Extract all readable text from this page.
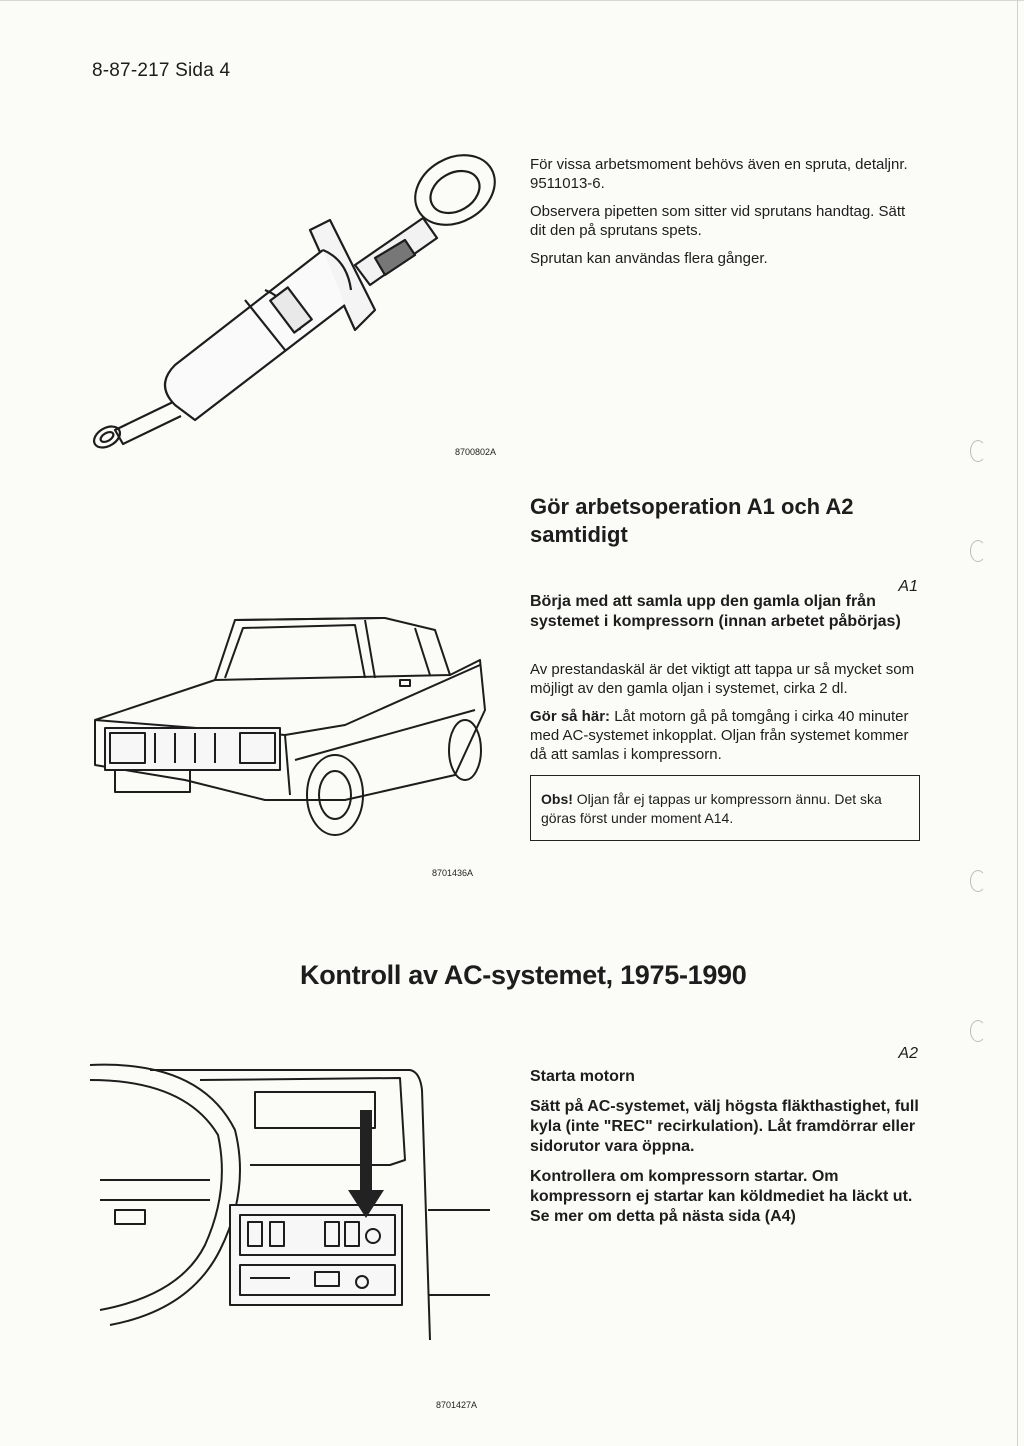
8-87-217 Sida 4

För vissa arbetsmoment behövs även en spruta, detaljnr. 9511013-6.

Observera pipetten som sitter vid sprutans handtag. Sätt dit den på sprutans spets.

Sprutan kan användas flera gånger.

8700802A
Gör arbetsoperation A1 och A2 samtidigt
A1
Börja med att samla upp den gamla oljan från systemet i kompressorn (innan arbetet påbörjas)

Av prestandaskäl är det viktigt att tappa ur så mycket som möjligt av den gamla oljan i systemet, cirka 2 dl.

Gör så här: Låt motorn gå på tomgång i cirka 40 minuter med AC-systemet inkopplat. Oljan från systemet kommer då att samlas i kompressorn.

Obs! Oljan får ej tappas ur kompressorn ännu. Det ska göras först under moment A14.
8701436A
Kontroll av AC-systemet, 1975-1990
A2
Starta motorn

Sätt på AC-systemet, välj högsta fläkthastighet, full kyla (inte "REC" recirkulation). Låt framdörrar eller sidorutor vara öppna.

Kontrollera om kompressorn startar. Om kompressorn ej startar kan köldmediet ha läckt ut. Se mer om detta på nästa sida (A4)

8701427A
